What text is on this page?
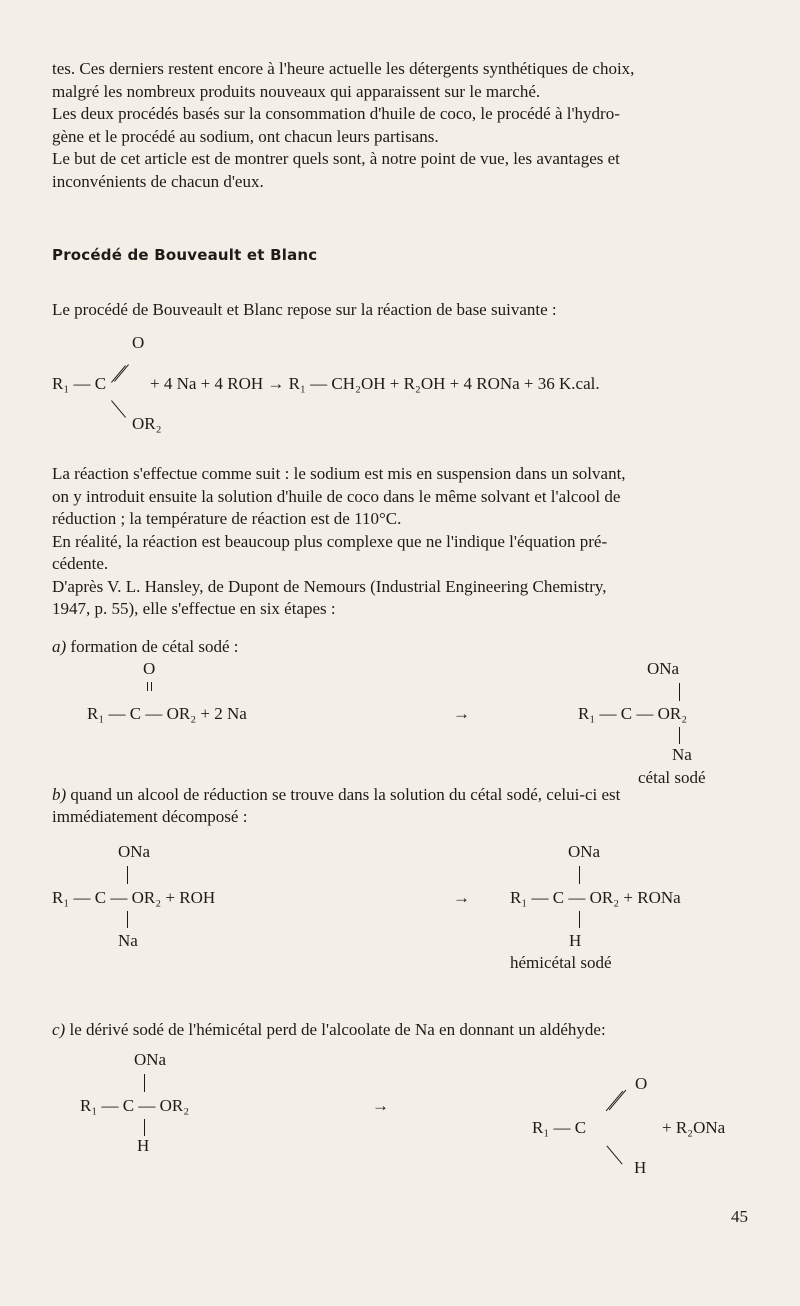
tes. Ces derniers restent encore à l'heure actuelle les détergents synthétiques de choix,
malgré les nombreux produits nouveaux qui apparaissent sur le marché.
Les deux procédés basés sur la consommation d'huile de coco, le procédé à l'hydro-
gène et le procédé au sodium, ont chacun leurs partisans.
Le but de cet article est de montrer quels sont, à notre point de vue, les avantages et
inconvénients de chacun d'eux.
Procédé de Bouveault et Blanc
Le procédé de Bouveault et Blanc repose sur la réaction de base suivante :
O
R₁ — C	+ 4 Na + 4 ROH → R₁ — CH₂OH + R₂OH + 4 RONa + 36 K.cal.
OR₂
La réaction s'effectue comme suit : le sodium est mis en suspension dans un solvant,
on y introduit ensuite la solution d'huile de coco dans le même solvant et l'alcool de
réduction ; la température de réaction est de 110°C.
En réalité, la réaction est beaucoup plus complexe que ne l'indique l'équation pré-
cédente.
D'après V. L. Hansley, de Dupont de Nemours (Industrial Engineering Chemistry,
1947, p. 55), elle s'effectue en six étapes :
a) formation de cétal sodé :
O
R₁ — C — OR₂ + 2 Na	→
ONa
R₁ — C — OR₂
Na
cétal sodé
b) quand un alcool de réduction se trouve dans la solution du cétal sodé, celui-ci est
immédiatement décomposé :
ONa
R₁ — C — OR₂ + ROH
Na
→
ONa
R₁ — C — OR₂ + RONa
H
hémicétal sodé
c) le dérivé sodé de l'hémicétal perd de l'alcoolate de Na en donnant un aldéhyde:
ONa
R₁ — C — OR₂
H
→
O
R₁ — C	+ R₂ONa
H
45
